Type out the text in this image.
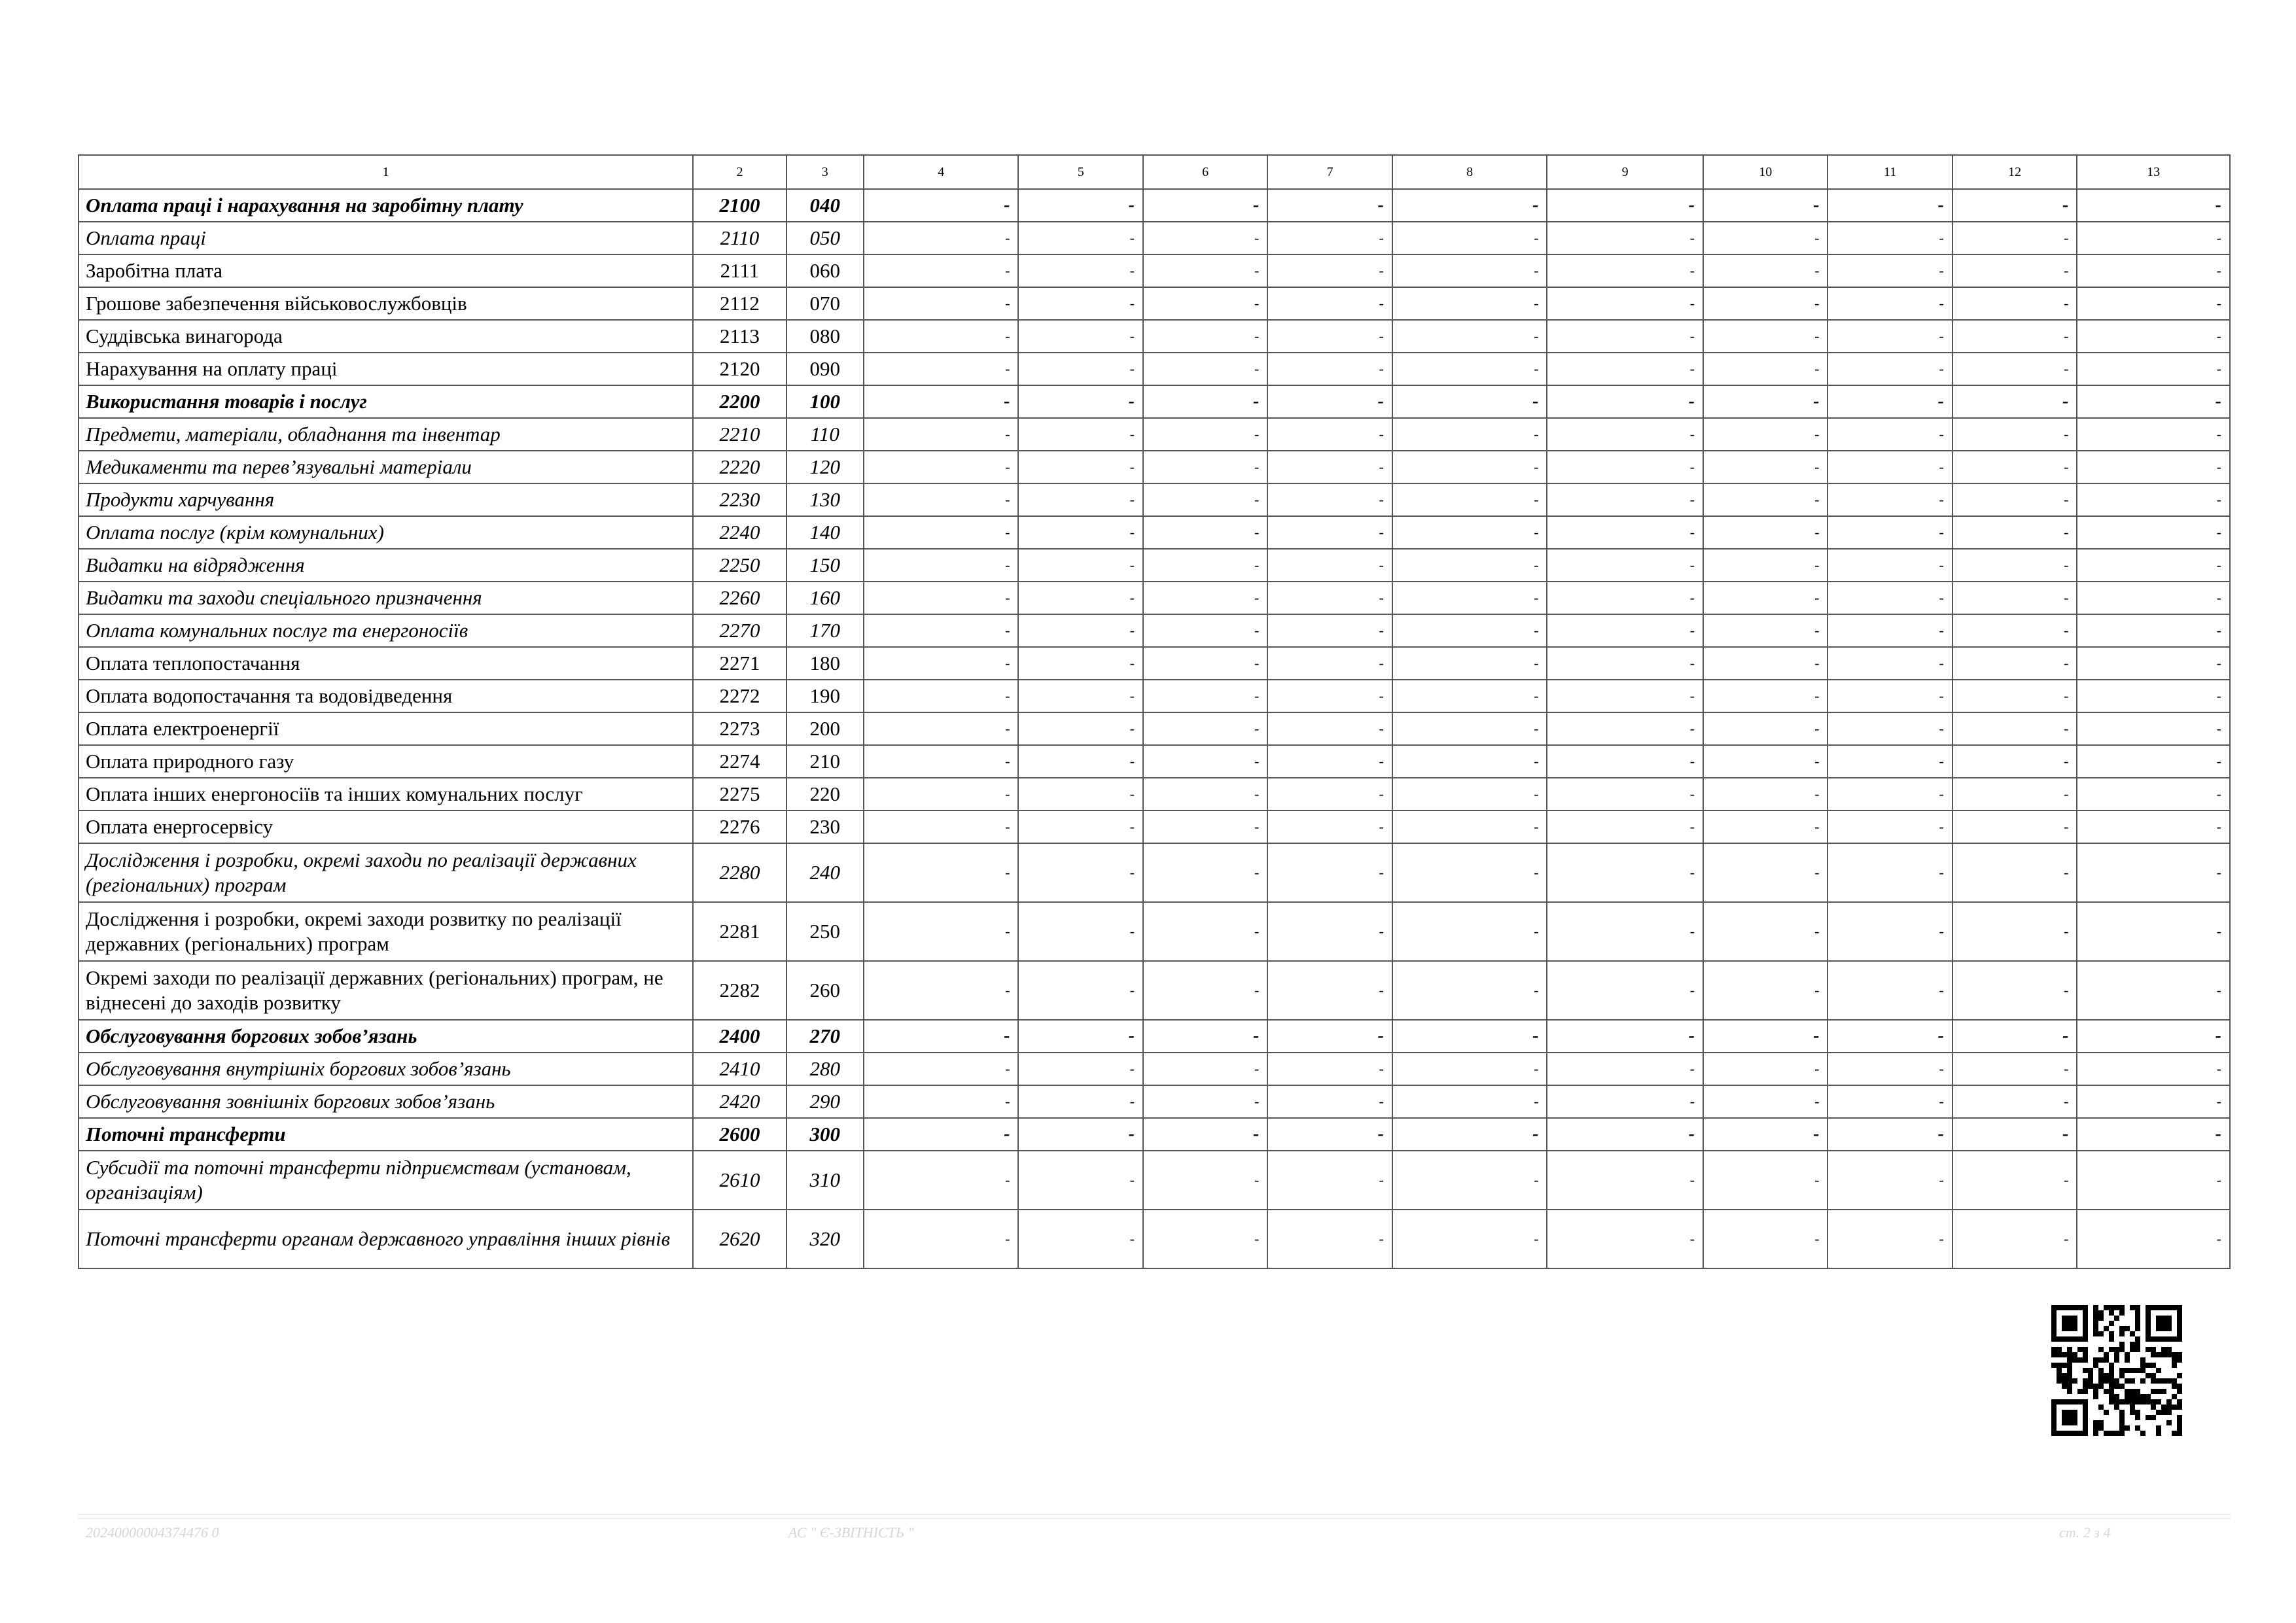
1	2	3	4	5	6	7	8	9	10	11	12	13
Оплата праці і нарахування на заробітну плату	2100	040	-	-	-	-	-	-	-	-	-	-
Оплата праці	2110	050	-	-	-	-	-	-	-	-	-	-
Заробітна плата	2111	060	-	-	-	-	-	-	-	-	-	-
Грошове забезпечення військовослужбовців	2112	070	-	-	-	-	-	-	-	-	-	-
Суддівська винагорода	2113	080	-	-	-	-	-	-	-	-	-	-
Нарахування на оплату праці	2120	090	-	-	-	-	-	-	-	-	-	-
Використання товарів і послуг	2200	100	-	-	-	-	-	-	-	-	-	-
Предмети, матеріали, обладнання та інвентар	2210	110	-	-	-	-	-	-	-	-	-	-
Медикаменти та перев’язувальні матеріали	2220	120	-	-	-	-	-	-	-	-	-	-
Продукти харчування	2230	130	-	-	-	-	-	-	-	-	-	-
Оплата послуг (крім комунальних)	2240	140	-	-	-	-	-	-	-	-	-	-
Видатки на відрядження	2250	150	-	-	-	-	-	-	-	-	-	-
Видатки та заходи спеціального призначення	2260	160	-	-	-	-	-	-	-	-	-	-
Оплата комунальних послуг та енергоносіїв	2270	170	-	-	-	-	-	-	-	-	-	-
Оплата теплопостачання	2271	180	-	-	-	-	-	-	-	-	-	-
Оплата водопостачання та водовідведення	2272	190	-	-	-	-	-	-	-	-	-	-
Оплата електроенергії	2273	200	-	-	-	-	-	-	-	-	-	-
Оплата природного газу	2274	210	-	-	-	-	-	-	-	-	-	-
Оплата інших енергоносіїв та інших комунальних послуг	2275	220	-	-	-	-	-	-	-	-	-	-
Оплата енергосервісу	2276	230	-	-	-	-	-	-	-	-	-	-
Дослідження і розробки, окремі заходи по реалізації державних (регіональних) програм	2280	240	-	-	-	-	-	-	-	-	-	-
Дослідження і розробки, окремі заходи розвитку по реалізації державних (регіональних) програм	2281	250	-	-	-	-	-	-	-	-	-	-
Окремі заходи по реалізації державних (регіональних) програм, не віднесені до заходів розвитку	2282	260	-	-	-	-	-	-	-	-	-	-
Обслуговування боргових зобов’язань	2400	270	-	-	-	-	-	-	-	-	-	-
Обслуговування внутрішніх боргових зобов’язань	2410	280	-	-	-	-	-	-	-	-	-	-
Обслуговування зовнішніх боргових зобов’язань	2420	290	-	-	-	-	-	-	-	-	-	-
Поточні трансферти	2600	300	-	-	-	-	-	-	-	-	-	-
Субсидії та поточні трансферти підприємствам (установам, організаціям)	2610	310	-	-	-	-	-	-	-	-	-	-
Поточні трансферти органам державного управління інших рівнів	2620	320	-	-	-	-	-	-	-	-	-	-
20240000004374476 0	АС " Є-ЗВІТНІСТЬ "	ст. 2 з 4
